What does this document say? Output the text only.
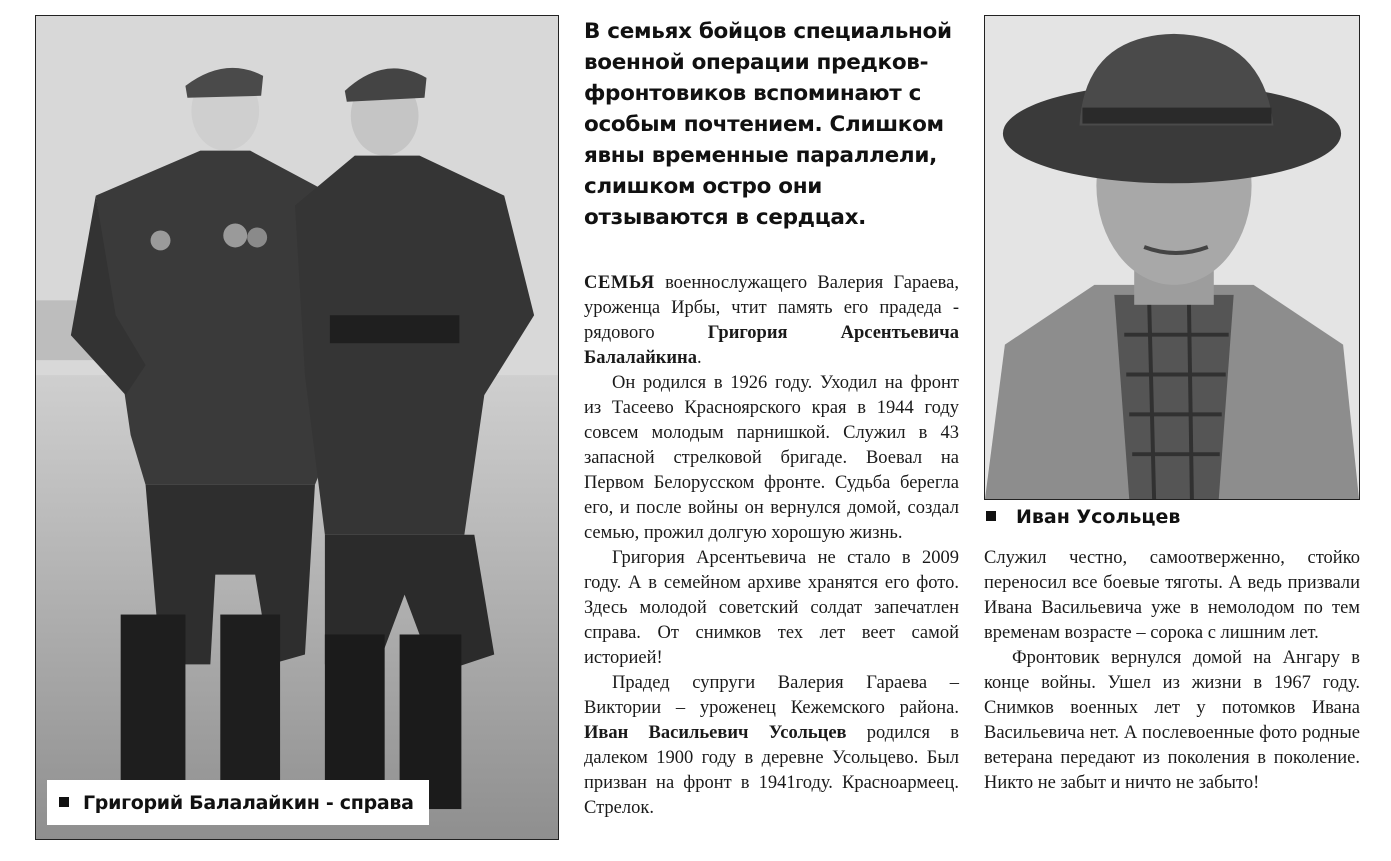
Григорий Балалайкин - справа
В семьях бойцов специальной военной операции предков-фронтовиков вспоминают с особым почтением. Слишком явны временные параллели, слишком остро они отзываются в сердцах.

СЕМЬЯ военнослужащего Валерия Гараева, уроженца Ирбы, чтит память его прадеда - рядового Григория Арсентьевича Балалайкина.

Он родился в 1926 году. Уходил на фронт из Тасеево Красноярского края в 1944 году совсем молодым парнишкой. Служил в 43 запасной стрелковой бригаде. Воевал на Первом Белорусском фронте. Судьба берегла его, и после войны он вернулся домой, создал семью, прожил долгую хорошую жизнь.

Григория Арсентьевича не стало в 2009 году. А в семейном архиве хранятся его фото. Здесь молодой советский солдат запечатлен справа. От снимков тех лет веет самой историей!

Прадед супруги Валерия Гараева – Виктории – уроженец Кежемского района. Иван Васильевич Усольцев родился в далеком 1900 году в деревне Усольцево. Был призван на фронт в 1941году. Красноармеец. Стрелок.

Иван Усольцев

Служил честно, самоотверженно, стойко переносил все боевые тяготы. А ведь призвали Ивана Васильевича уже в немолодом по тем временам возрасте – сорока с лишним лет.

Фронтовик вернулся домой на Ангару в конце войны. Ушел из жизни в 1967 году. Снимков военных лет у потомков Ивана Васильевича нет. А послевоенные фото родные ветерана передают из поколения в поколение. Никто не забыт и ничто не забыто!
